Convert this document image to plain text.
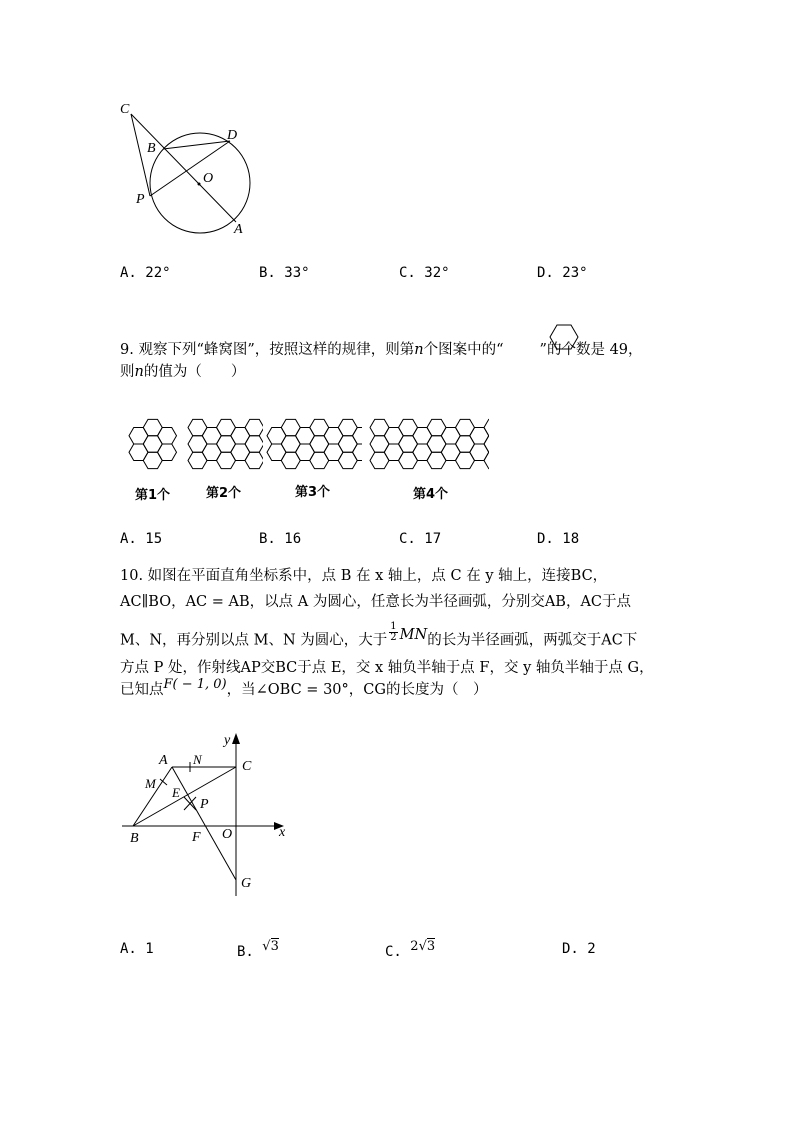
C
D
B
O
P
A
A. 22°	B. 33°	C. 32°	D. 23°
9. 观察下列“蜂窝图”，按照这样的规律，则第n个图案中的“ ”的个数是 49，
则n的值为（　　）
第1个	第2个	第3个	第4个
A. 15	B. 16	C. 17	D. 18
10. 如图在平面直角坐标系中，点 B 在 x 轴上，点 C 在 y 轴上，连接BC，
AC∥BO，AC = AB，以点 A 为圆心，任意长为半径画弧，分别交AB，AC于点
M、N，再分别以点 M、N 为圆心，大于 $\frac{1}{2}$ MN的长为半径画弧，两弧交于AC下
方点 P 处，作射线AP交BC于点 E，交 x 轴负半轴于点 F，交 y 轴负半轴于点 G，
已知点F( − 1, 0)，当∠OBC = 30°，CG的长度为（　）
y
A N	C
M
E
P
B	F O	x
G
A. 1	B. √3	C. 2√3	D. 2
